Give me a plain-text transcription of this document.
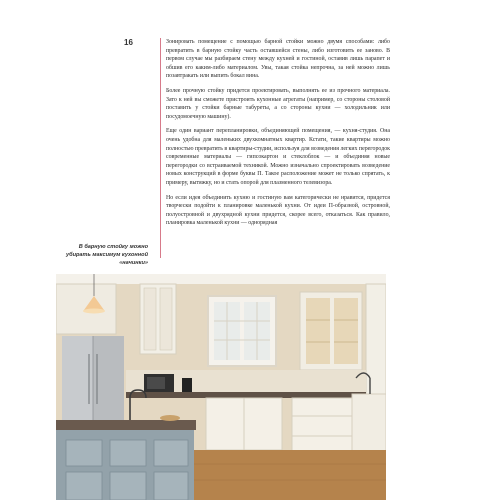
16	Зонировать помещение с помощью барной стойки можно двумя способами: либо превратить в барную стойку часть оставшейся стены, либо изготовить ее заново. В первом случае мы разбираем стену между кухней и гостиной, оставив лишь парапет и обшив его каким-либо материалом. Увы, такая стойка непрочна, за ней можно лишь позавтракать или выпить бокал вина.

Более прочную стойку придется проектировать, выполнять ее из прочного материала. Зато к ней вы сможете пристроить кухонные агрегаты (например, со стороны столовой поставить у стойки барные табуреты, а со стороны кухни — холодильник или посудомоечную машину).

Еще один вариант перепланировки, объединяющей помещения, — кухня-студия. Она очень удобна для маленьких двухкомнатных квартир. Кстати, такие квартиры можно полностью превратить в квартиры-студии, используя для возведения легких перегородок современные материалы — гипсокартон и стеклоблок — и объединяя новые перегородки со встраиваемой техникой. Можно изначально спроектировать возведение новых конструкций в форме буквы П. Такое расположение может не только спрятать, к примеру, вытяжку, но и стать опорой для плазменного телевизора.

Но если идея объединить кухню и гостиную вам категорически не нравится, придется творчески подойти к планировке маленькой кухни. От идеи П-образной, островной, полуостровной и двухрядной кухни придется, скорее всего, отказаться. Как правило, планировка маленькой кухни — однорядная

В барную стойку можно убирать максимум кухонной «начинки»
